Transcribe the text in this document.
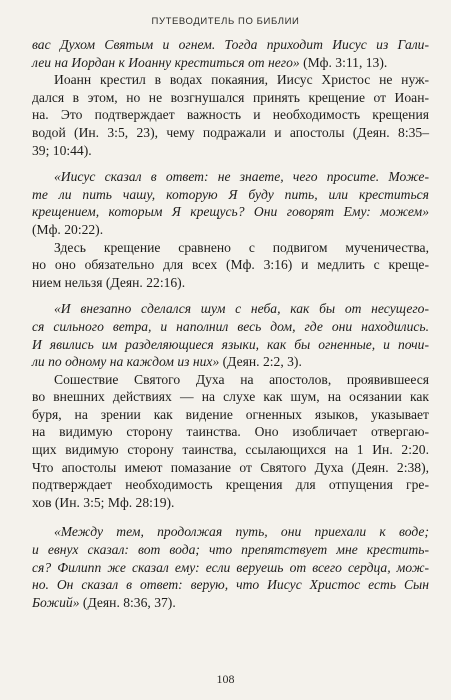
ПУТЕВОДИТЕЛЬ ПО БИБЛИИ
вас Духом Святым и огнем. Тогда приходит Иисус из Гали-
леи на Иордан к Иоанну креститься от него» (Мф. 3:11, 13).
Иоанн крестил в водах покаяния, Иисус Христос не нуж-
дался в этом, но не возгнушался принять крещение от Иоан-
на. Это подтверждает важность и необходимость крещения
водой (Ин. 3:5, 23), чему подражали и апостолы (Деян. 8:35–
39; 10:44).
«Иисус сказал в ответ: не знаете, чего просите. Може-
те ли пить чашу, которую Я буду пить, или креститься
крещением, которым Я крещусь? Они говорят Ему: можем»
(Мф. 20:22).
Здесь крещение сравнено с подвигом мученичества,
но оно обязательно для всех (Мф. 3:16) и медлить с креще-
нием нельзя (Деян. 22:16).
«И внезапно сделался шум с неба, как бы от несущего-
ся сильного ветра, и наполнил весь дом, где они находились.
И явились им разделяющиеся языки, как бы огненные, и почи-
ли по одному на каждом из них» (Деян. 2:2, 3).
Сошествие Святого Духа на апостолов, проявившееся
во внешних действиях — на слухе как шум, на осязании как
буря, на зрении как видение огненных языков, указывает
на видимую сторону таинства. Оно изобличает отвергаю-
щих видимую сторону таинства, ссылающихся на 1 Ин. 2:20.
Что апостолы имеют помазание от Святого Духа (Деян. 2:38),
подтверждает необходимость крещения для отпущения гре-
хов (Ин. 3:5; Мф. 28:19).
«Между тем, продолжая путь, они приехали к воде;
и евнух сказал: вот вода; что препятствует мне крестить-
ся? Филипп же сказал ему: если веруешь от всего сердца, мож-
но. Он сказал в ответ: верую, что Иисус Христос есть Сын
Божий» (Деян. 8:36, 37).
108
